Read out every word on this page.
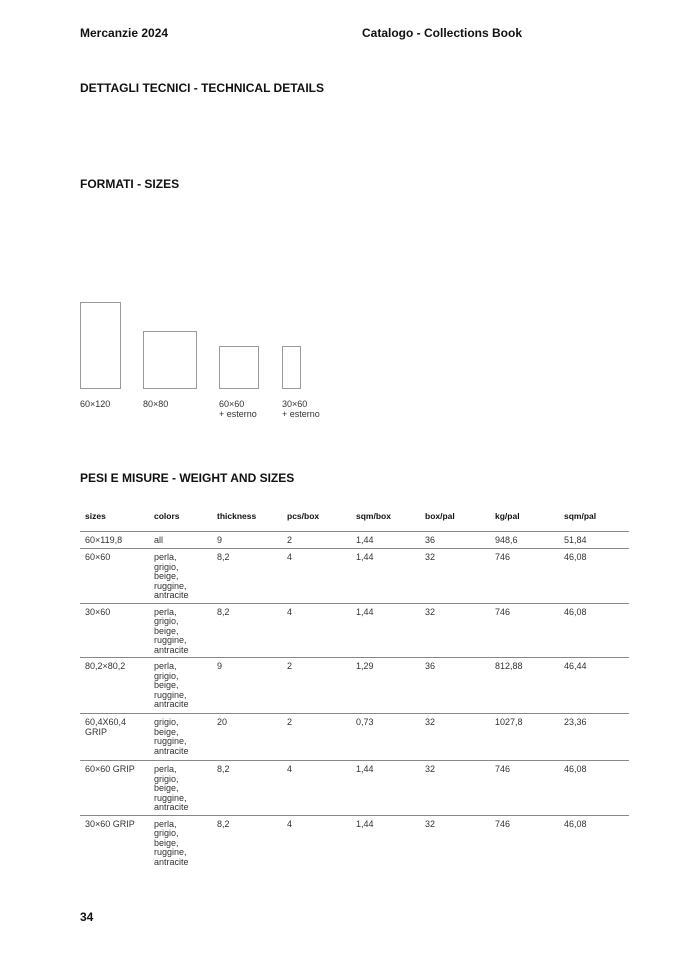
Mercanzie 2024	Catalogo - Collections Book
DETTAGLI TECNICI - TECHNICAL DETAILS
FORMATI - SIZES
60×120	80×80	60×60
+ esterno
30×60
+ esterno
PESI E MISURE - WEIGHT AND SIZES
sizes	colors	thickness	pcs/box	sqm/box	box/pal	kg/pal	sqm/pal
60×119,8	all	9	2	1,44	36	948,6	51,84
60×60	perla,
grigio,
beige,
ruggine,
antracite	8,2	4	1,44	32	746	46,08
30×60	perla,
grigio,
beige,
ruggine,
antracite	8,2	4	1,44	32	746	46,08
80,2×80,2	perla,
grigio,
beige,
ruggine,
antracite	9	2	1,29	36	812,88	46,44
60,4X60,4 GRIP	grigio,
beige,
ruggine,
antracite	20	2	0,73	32	1027,8	23,36
60×60 GRIP	perla,
grigio,
beige,
ruggine,
antracite	8,2	4	1,44	32	746	46,08
30×60 GRIP	perla,
grigio,
beige,
ruggine,
antracite	8,2	4	1,44	32	746	46,08
34
